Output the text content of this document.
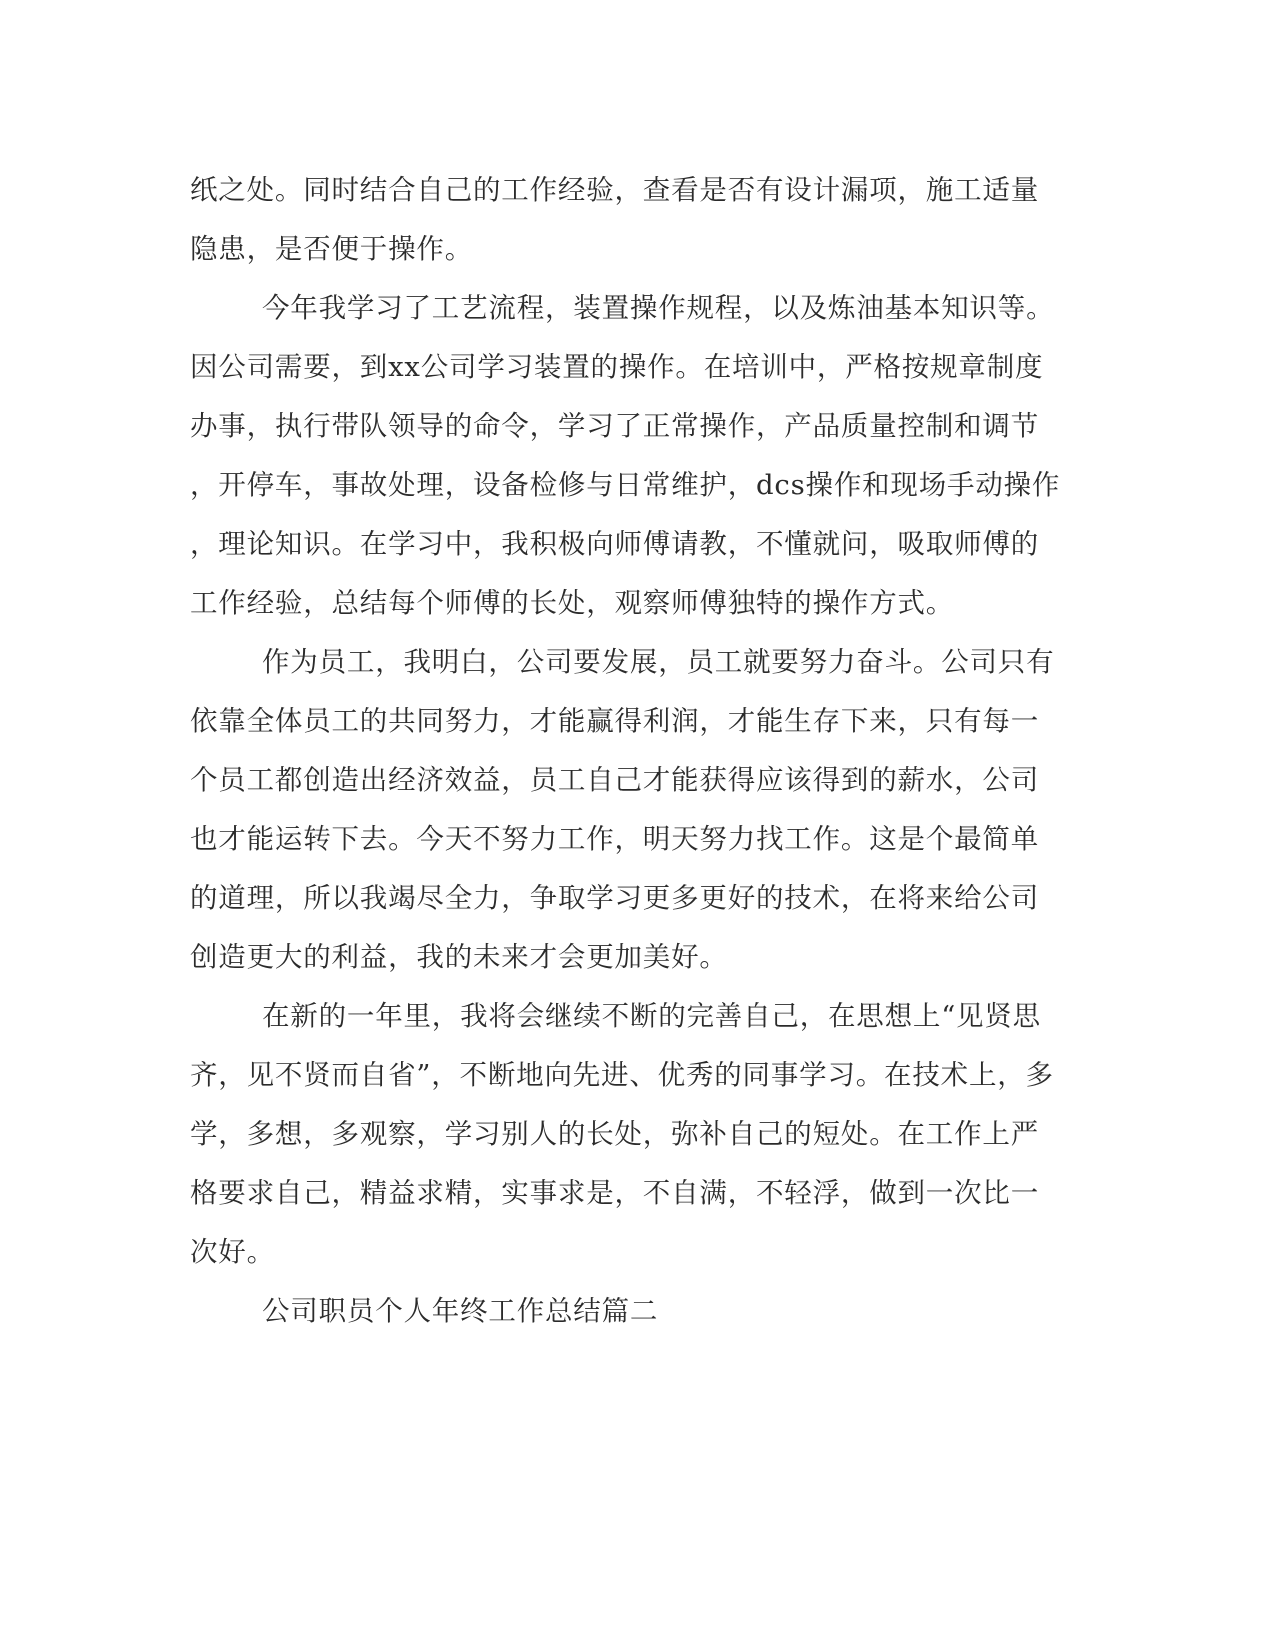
纸之处。同时结合自己的工作经验，查看是否有设计漏项，施工适量
隐患，是否便于操作。
今年我学习了工艺流程，装置操作规程，以及炼油基本知识等。
因公司需要，到xx公司学习装置的操作。在培训中，严格按规章制度
办事，执行带队领导的命令，学习了正常操作，产品质量控制和调节
，开停车，事故处理，设备检修与日常维护，dcs操作和现场手动操作
，理论知识。在学习中，我积极向师傅请教，不懂就问，吸取师傅的
工作经验，总结每个师傅的长处，观察师傅独特的操作方式。
作为员工，我明白，公司要发展，员工就要努力奋斗。公司只有
依靠全体员工的共同努力，才能赢得利润，才能生存下来，只有每一
个员工都创造出经济效益，员工自己才能获得应该得到的薪水，公司
也才能运转下去。今天不努力工作，明天努力找工作。这是个最简单
的道理，所以我竭尽全力，争取学习更多更好的技术，在将来给公司
创造更大的利益，我的未来才会更加美好。
在新的一年里，我将会继续不断的完善自己，在思想上“见贤思
齐，见不贤而自省”，不断地向先进、优秀的同事学习。在技术上，多
学，多想，多观察，学习别人的长处，弥补自己的短处。在工作上严
格要求自己，精益求精，实事求是，不自满，不轻浮，做到一次比一
次好。
公司职员个人年终工作总结篇二
